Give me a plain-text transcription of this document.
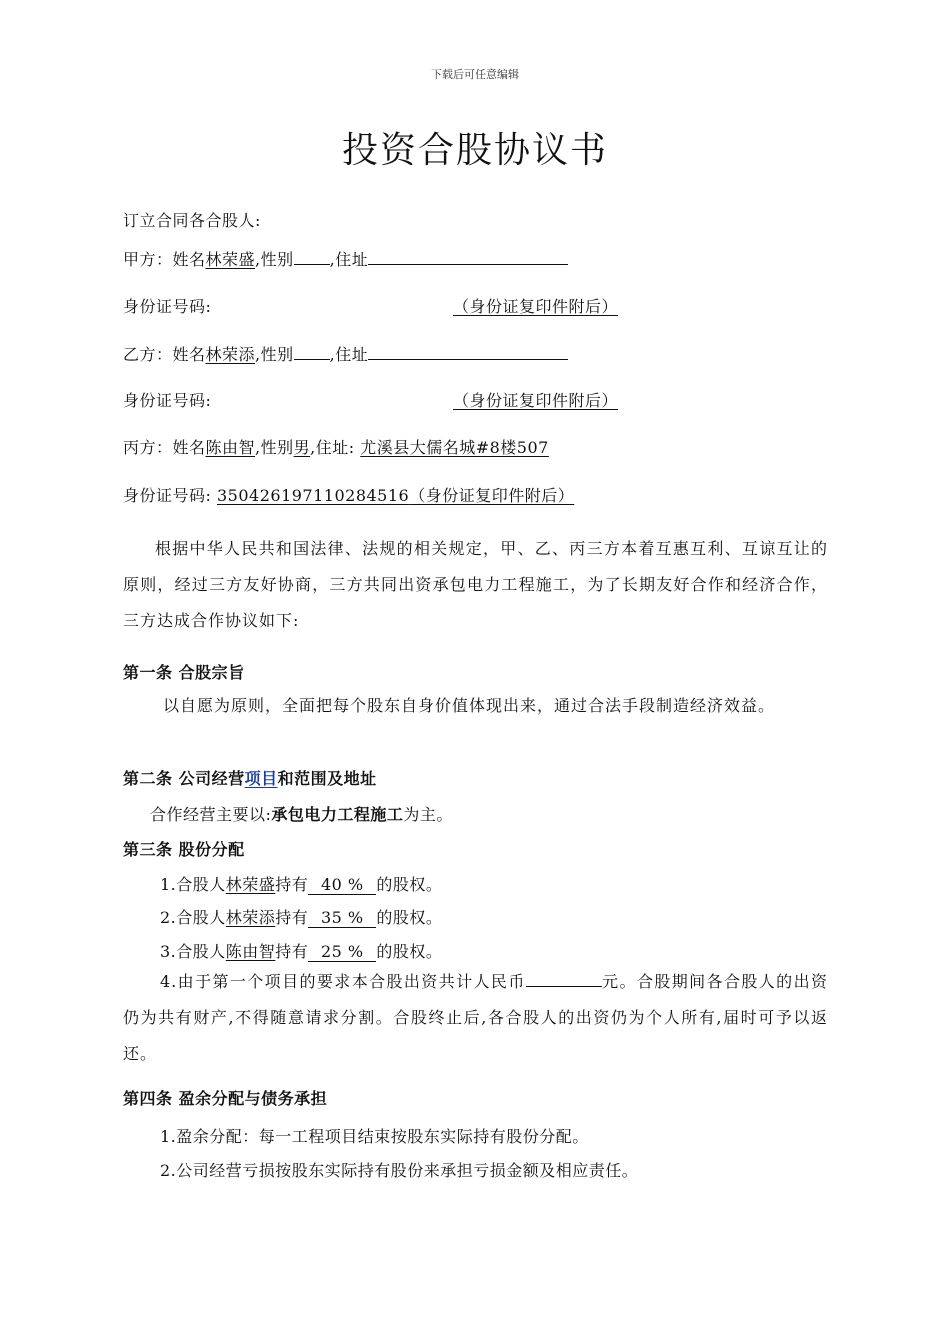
下载后可任意编辑
投资合股协议书
订立合同各合股人:
甲方：姓名林荣盛,性别 ,住址
身份证号码:	（身份证复印件附后）
乙方：姓名林荣添,性别 ,住址
身份证号码:	（身份证复印件附后）
丙方：姓名陈由智,性别男,住址: 尤溪县大儒名城#8楼507
身份证号码: 350426197110284516（身份证复印件附后）
根据中华人民共和国法律、法规的相关规定，甲、乙、丙三方本着互惠互利、互谅互让的原则，经过三方友好协商，三方共同出资承包电力工程施工，为了长期友好合作和经济合作，三方达成合作协议如下:
第一条 合股宗旨
以自愿为原则，全面把每个股东自身价值体现出来，通过合法手段制造经济效益。
第二条 公司经营项目和范围及地址
合作经营主要以:承包电力工程施工为主。
第三条 股份分配
1.合股人林荣盛持有 40 % 的股权。
2.合股人林荣添持有 35 % 的股权。
3.合股人陈由智持有 25 % 的股权。
4.由于第一个项目的要求本合股出资共计人民币	元。合股期间各合股人的出资仍为共有财产,不得随意请求分割。合股终止后,各合股人的出资仍为个人所有,届时可予以返还。
第四条 盈余分配与债务承担
1.盈余分配：每一工程项目结束按股东实际持有股份分配。
2.公司经营亏损按股东实际持有股份来承担亏损金额及相应责任。
